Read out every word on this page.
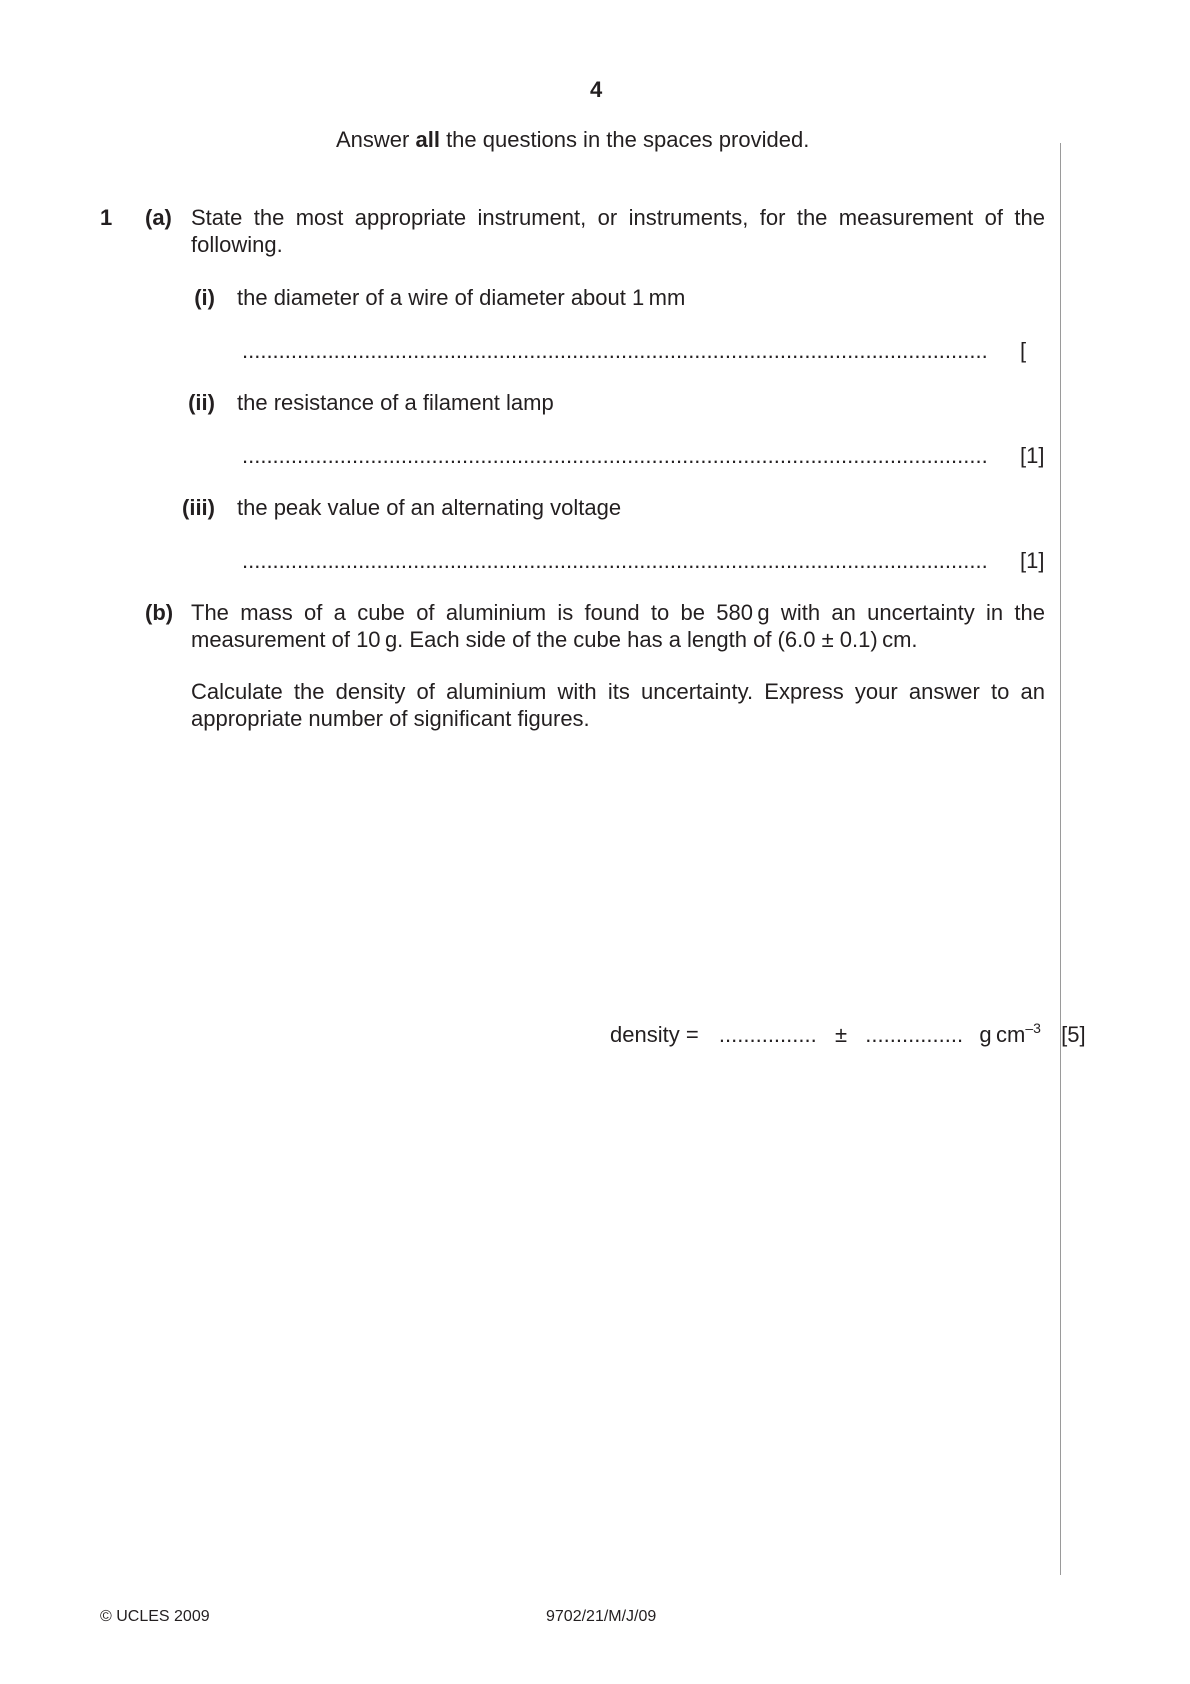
4
Answer all the questions in the spaces provided.
1 (a) State the most appropriate instrument, or instruments, for the measurement of the
following.
(i) the diameter of a wire of diameter about 1 mm
..........................................................................................................................	[
(ii) the resistance of a filament lamp
..........................................................................................................................	[1]
(iii) the peak value of an alternating voltage
..........................................................................................................................	[1]
(b) The mass of a cube of aluminium is found to be 580 g with an uncertainty in the
measurement of 10 g. Each side of the cube has a length of (6.0 ± 0.1) cm.
Calculate the density of aluminium with its uncertainty. Express your answer to an
appropriate number of significant figures.
density = ................ ± ................ g $cm^{-3}$ [5]
© UCLES 2009	9702/21/M/J/09
